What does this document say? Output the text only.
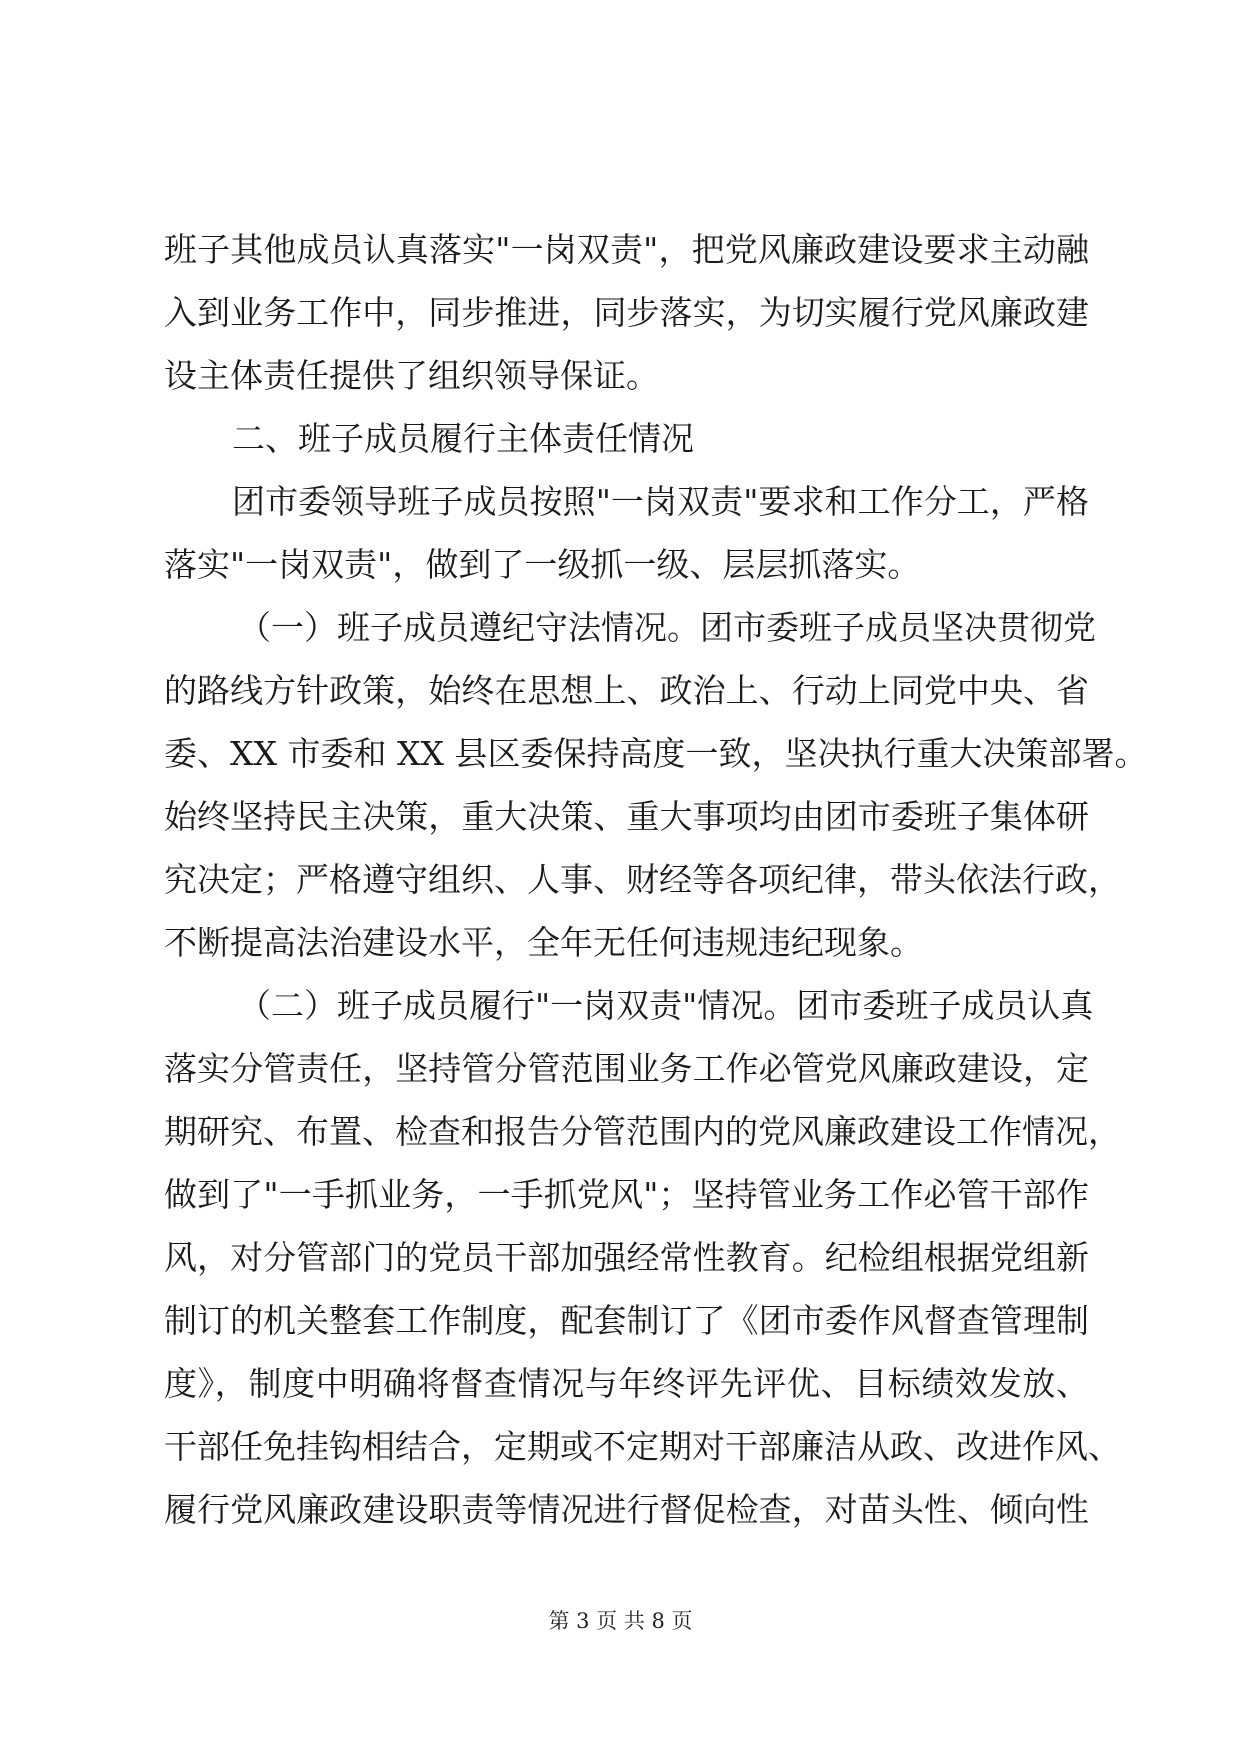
班子其他成员认真落实"一岗双责"，把党风廉政建设要求主动融
入到业务工作中，同步推进，同步落实，为切实履行党风廉政建
设主体责任提供了组织领导保证。
二、班子成员履行主体责任情况
团市委领导班子成员按照"一岗双责"要求和工作分工，严格
落实"一岗双责"，做到了一级抓一级、层层抓落实。
（一）班子成员遵纪守法情况。团市委班子成员坚决贯彻党
的路线方针政策，始终在思想上、政治上、行动上同党中央、省
委、XX 市委和 XX 县区委保持高度一致，坚决执行重大决策部署。
始终坚持民主决策，重大决策、重大事项均由团市委班子集体研
究决定；严格遵守组织、人事、财经等各项纪律，带头依法行政，
不断提高法治建设水平，全年无任何违规违纪现象。
（二）班子成员履行"一岗双责"情况。团市委班子成员认真
落实分管责任，坚持管分管范围业务工作必管党风廉政建设，定
期研究、布置、检查和报告分管范围内的党风廉政建设工作情况，
做到了"一手抓业务，一手抓党风"；坚持管业务工作必管干部作
风，对分管部门的党员干部加强经常性教育。纪检组根据党组新
制订的机关整套工作制度，配套制订了《团市委作风督查管理制
度》，制度中明确将督查情况与年终评先评优、目标绩效发放、
干部任免挂钩相结合，定期或不定期对干部廉洁从政、改进作风、
履行党风廉政建设职责等情况进行督促检查，对苗头性、倾向性
第 3 页 共 8 页
